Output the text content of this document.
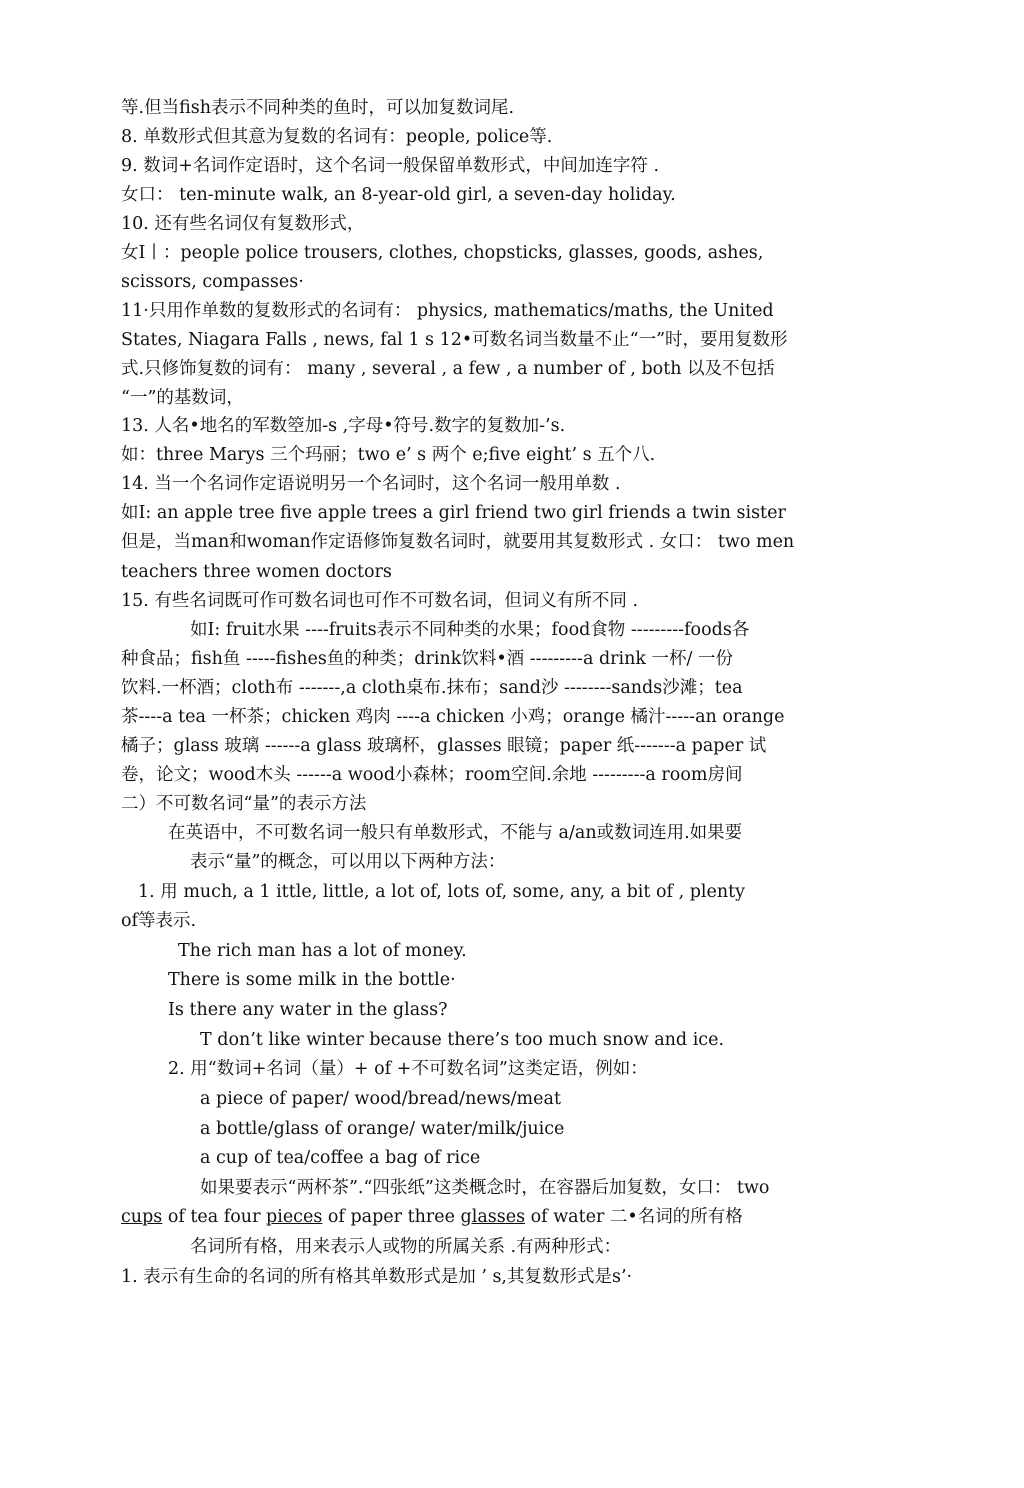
等.但当fish表示不同种类的鱼时，可以加复数词尾.
8. 单数形式但其意为复数的名词有：people, police等.
9. 数词+名词作定语时，这个名词一般保留单数形式，中间加连字符 .
女口： ten-minute walk, an 8-year-old girl, a seven-day holiday.
10. 还有些名词仅有复数形式，
女I丨：people police trousers, clothes, chopsticks, glasses, goods, ashes,
scissors, compasses·
11·只用作单数的复数形式的名词有： physics, mathematics/maths, the United
States, Niagara Falls , news, fal 1 s 12•可数名词当数量不止“一”时，要用复数形
式.只修饰复数的词有： many , several , a few , a number of , both 以及不包括
“一”的基数词，
13. 人名•地名的军数箜加-s ,字母•符号.数字的复数加-’s.
如：three Marys 三个玛丽；two e’ s 两个 e;five eight’ s 五个八.
14. 当一个名词作定语说明另一个名词时，这个名词一般用单数 .
如I: an apple tree five apple trees a girl friend two girl friends a twin sister
但是，当man和woman作定语修饰复数名词时，就要用其复数形式 . 女口： two men
teachers three women doctors
15. 有些名词既可作可数名词也可作不可数名词，但词义有所不同 .
如I: fruit水果 ----fruits表示不同种类的水果；food食物 ---------foods各
种食品；fish鱼 -----fishes鱼的种类；drink饮料•酒 ---------a drink 一杯/ 一份
饮料.一杯酒；cloth布 -------,a cloth桌布.抹布；sand沙 --------sands沙滩；tea
茶----a tea 一杯茶；chicken 鸡肉 ----a chicken 小鸡；orange 橘汁-----an orange
橘子；glass 玻璃 ------a glass 玻璃杯，glasses 眼镜；paper 纸-------a paper 试
卷，论文；wood木头 ------a wood小森林；room空间.余地 ---------a room房间
二）不可数名词“量”的表示方法
在英语中，不可数名词一般只有单数形式，不能与 a/an或数词连用.如果要
表示“量”的概念，可以用以下两种方法：
1. 用 much, a 1 ittle, little, a lot of, lots of, some, any, a bit of , plenty
of等表示.
The rich man has a lot of money.
There is some milk in the bottle·
Is there any water in the glass?
T don’t like winter because there’s too much snow and ice.
2. 用“数词+名词（量）+ of +不可数名词”这类定语，例如：
a piece of paper/ wood/bread/news/meat
a bottle/glass of orange/ water/milk/juice
a cup of tea/coffee a bag of rice
如果要表示“两杯茶”.“四张纸”这类概念时，在容器后加复数，女口： two
cups of tea four pieces of paper three glasses of water 二•名词的所有格
名词所有格，用来表示人或物的所属关系 .有两种形式：
1. 表示有生命的名词的所有格其单数形式是加 ’ s,其复数形式是s’·
